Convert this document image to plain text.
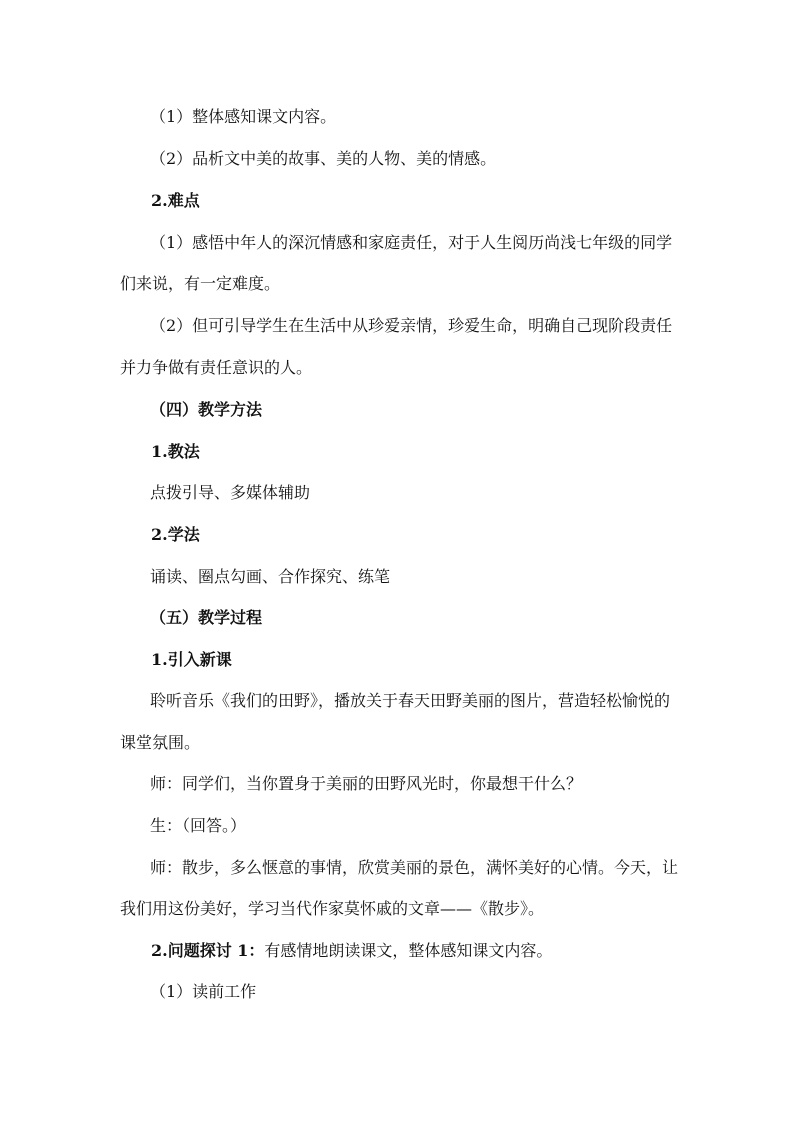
（1）整体感知课文内容。
（2）品析文中美的故事、美的人物、美的情感。
2.难点
（1）感悟中年人的深沉情感和家庭责任，对于人生阅历尚浅七年级的同学
们来说，有一定难度。
（2）但可引导学生在生活中从珍爱亲情，珍爱生命，明确自己现阶段责任
并力争做有责任意识的人。
（四）教学方法
1.教法
点拨引导、多媒体辅助
2.学法
诵读、圈点勾画、合作探究、练笔
（五）教学过程
1.引入新课
聆听音乐《我们的田野》，播放关于春天田野美丽的图片，营造轻松愉悦的
课堂氛围。
师：同学们，当你置身于美丽的田野风光时，你最想干什么？
生：（回答。）
师：散步，多么惬意的事情，欣赏美丽的景色，满怀美好的心情。今天，让
我们用这份美好，学习当代作家莫怀戚的文章——《散步》。
2.问题探讨 1：有感情地朗读课文，整体感知课文内容。
（1）读前工作
